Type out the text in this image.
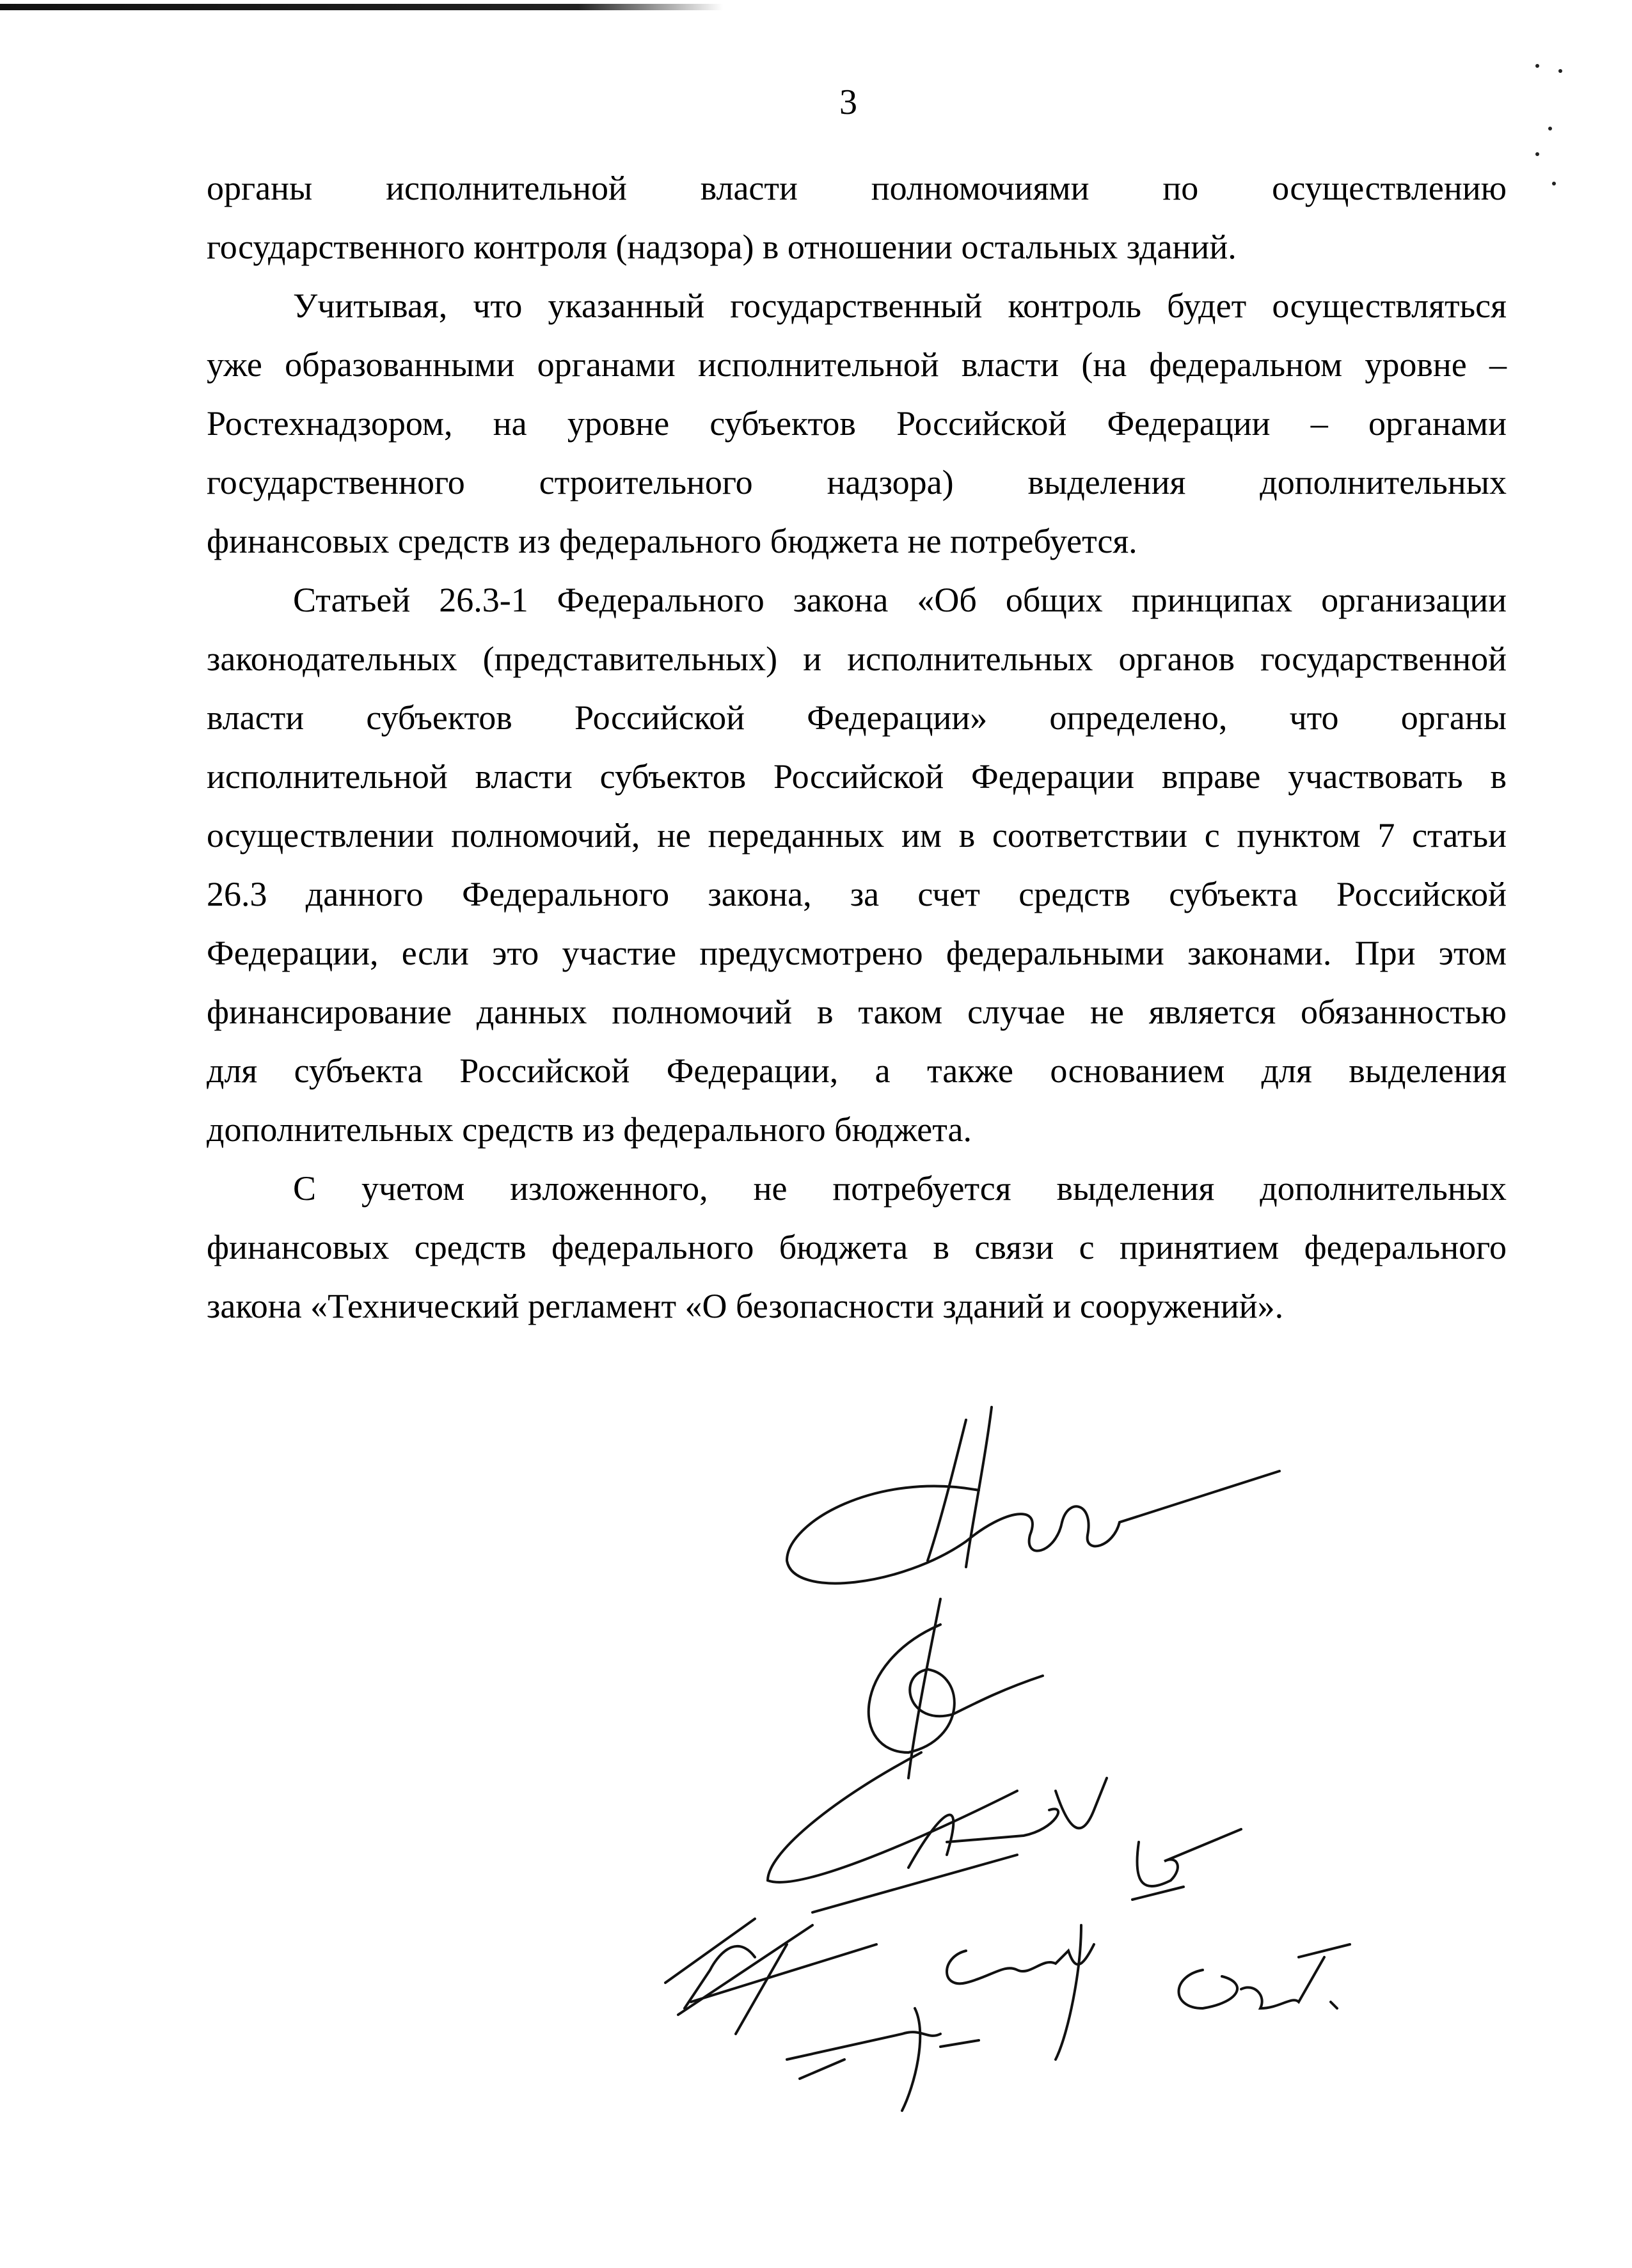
3
органы исполнительной власти полномочиями по осуществлению
государственного контроля (надзора) в отношении остальных зданий.
Учитывая, что указанный государственный контроль будет осуществляться
уже образованными органами исполнительной власти (на федеральном уровне –
Ростехнадзором, на уровне субъектов Российской Федерации – органами
государственного строительного надзора) выделения дополнительных
финансовых средств из федерального бюджета не потребуется.
Статьей 26.3-1 Федерального закона «Об общих принципах организации
законодательных (представительных) и исполнительных органов государственной
власти субъектов Российской Федерации» определено, что органы
исполнительной власти субъектов Российской Федерации вправе участвовать в
осуществлении полномочий, не переданных им в соответствии с пунктом 7 статьи
26.3 данного Федерального закона, за счет средств субъекта Российской
Федерации, если это участие предусмотрено федеральными законами. При этом
финансирование данных полномочий в таком случае не является обязанностью
для субъекта Российской Федерации, а также основанием для выделения
дополнительных средств из федерального бюджета.
С учетом изложенного, не потребуется выделения дополнительных
финансовых средств федерального бюджета в связи с принятием федерального
закона «Технический регламент «О безопасности зданий и сооружений».
